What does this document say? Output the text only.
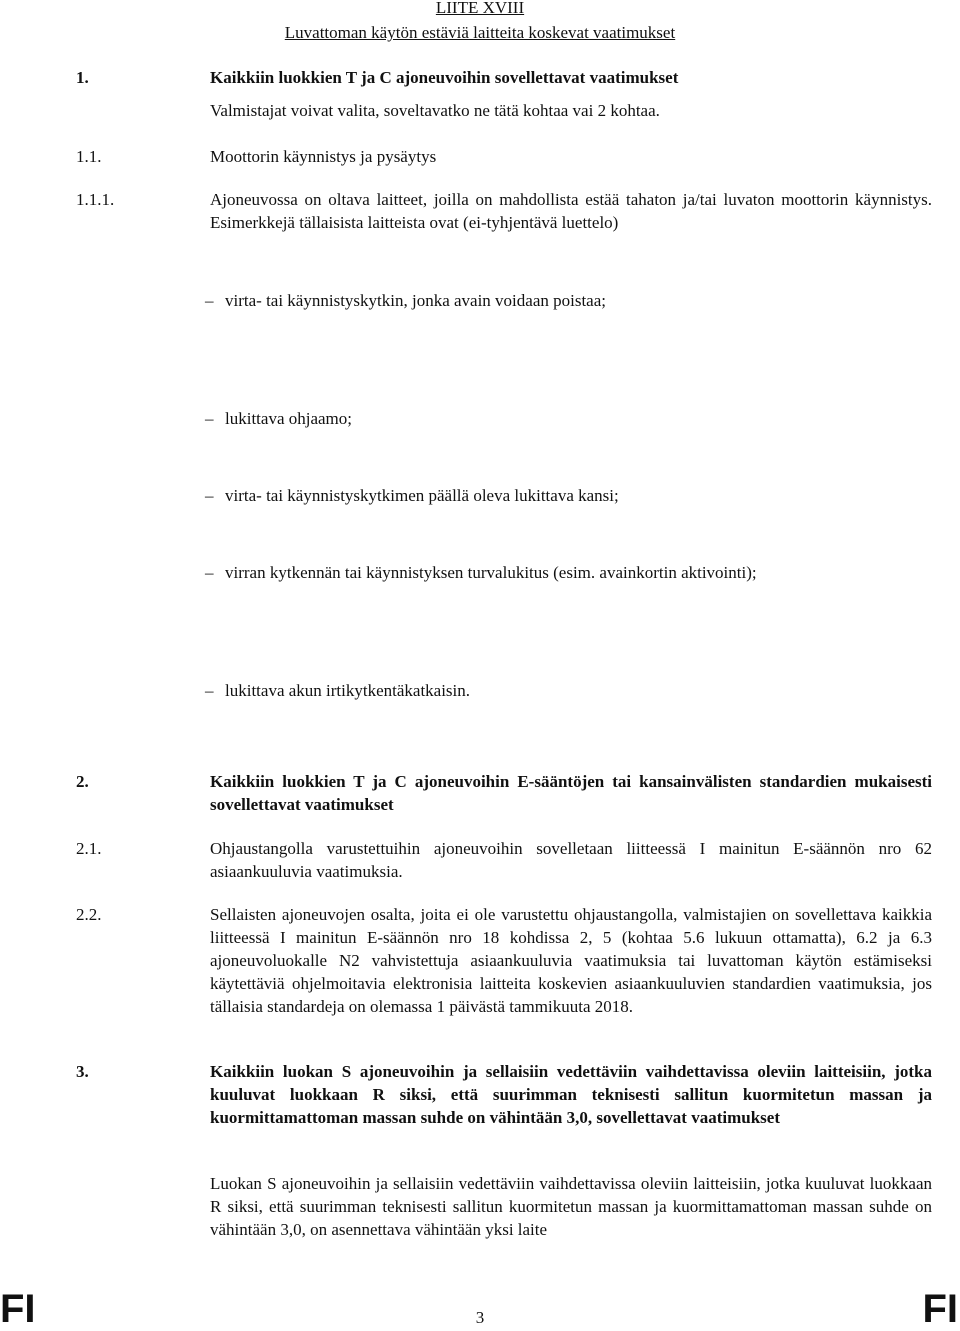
LIITE XVIII
Luvattoman käytön estäviä laitteita koskevat vaatimukset
1.	Kaikkiin luokkien T ja C ajoneuvoihin sovellettavat vaatimukset
Valmistajat voivat valita, soveltavatko ne tätä kohtaa vai 2 kohtaa.
1.1.	Moottorin käynnistys ja pysäytys
1.1.1.	Ajoneuvossa on oltava laitteet, joilla on mahdollista estää tahaton ja/tai luvaton moottorin käynnistys. Esimerkkejä tällaisista laitteista ovat (ei-tyhjentävä luettelo)
– virta- tai käynnistyskytkin, jonka avain voidaan poistaa;
– lukittava ohjaamo;
– virta- tai käynnistyskytkimen päällä oleva lukittava kansi;
– virran kytkennän tai käynnistyksen turvalukitus (esim. avainkortin aktivointi);
– lukittava akun irtikytkentäkatkaisin.
2.	Kaikkiin luokkien T ja C ajoneuvoihin E-sääntöjen tai kansainvälisten standardien mukaisesti sovellettavat vaatimukset
2.1.	Ohjaustangolla varustettuihin ajoneuvoihin sovelletaan liitteessä I mainitun E-säännön nro 62 asiaankuuluvia vaatimuksia.
2.2.	Sellaisten ajoneuvojen osalta, joita ei ole varustettu ohjaustangolla, valmistajien on sovellettava kaikkia liitteessä I mainitun E-säännön nro 18 kohdissa 2, 5 (kohtaa 5.6 lukuun ottamatta), 6.2 ja 6.3 ajoneuvoluokalle N2 vahvistettuja asiaankuuluvia vaatimuksia tai luvattoman käytön estämiseksi käytettäviä ohjelmoitavia elektronisia laitteita koskevien asiaankuuluvien standardien vaatimuksia, jos tällaisia standardeja on olemassa 1 päivästä tammikuuta 2018.
3.	Kaikkiin luokan S ajoneuvoihin ja sellaisiin vedettäviin vaihdettavissa oleviin laitteisiin, jotka kuuluvat luokkaan R siksi, että suurimman teknisesti sallitun kuormitetun massan ja kuormittamattoman massan suhde on vähintään 3,0, sovellettavat vaatimukset
Luokan S ajoneuvoihin ja sellaisiin vedettäviin vaihdettavissa oleviin laitteisiin, jotka kuuluvat luokkaan R siksi, että suurimman teknisesti sallitun kuormitetun massan ja kuormittamattoman massan suhde on vähintään 3,0, on asennettava vähintään yksi laite
FI	3	FI
